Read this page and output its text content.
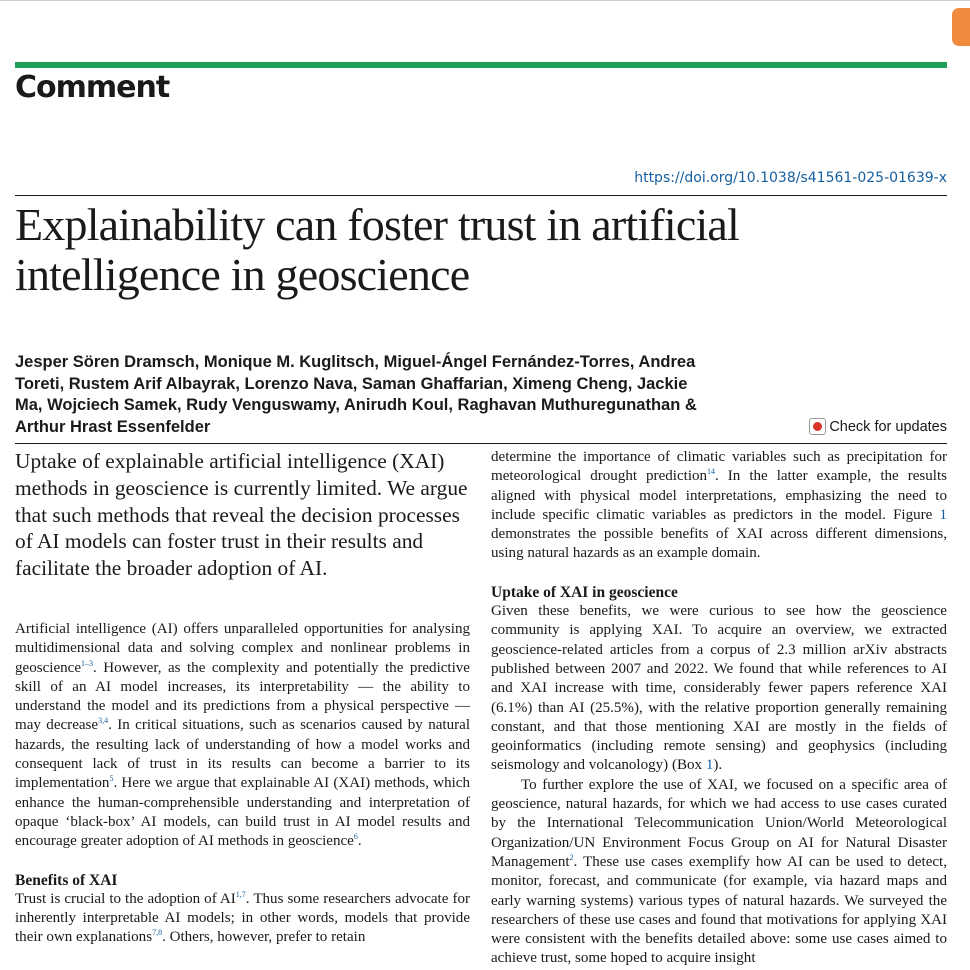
Comment
https://doi.org/10.1038/s41561-025-01639-x
Explainability can foster trust in artificial intelligence in geoscience

Jesper Sören Dramsch, Monique M. Kuglitsch, Miguel-Ángel Fernández-Torres, Andrea Toreti, Rustem Arif Albayrak, Lorenzo Nava, Saman Ghaffarian, Ximeng Cheng, Jackie Ma, Wojciech Samek, Rudy Venguswamy, Anirudh Koul, Raghavan Muthuregunathan & Arthur Hrast Essenfelder	Check for updates

Uptake of explainable artificial intelligence (XAI) methods in geoscience is currently limited. We argue that such methods that reveal the decision processes of AI models can foster trust in their results and facilitate the broader adoption of AI.

Artificial intelligence (AI) offers unparalleled opportunities for analysing multidimensional data and solving complex and nonlinear problems in geoscience$^{1-3}$. However, as the complexity and potentially the predictive skill of an AI model increases, its interpretability — the ability to understand the model and its predictions from a physical perspective — may decrease$^{3,4}$. In critical situations, such as scenarios caused by natural hazards, the resulting lack of understanding of how a model works and consequent lack of trust in its results can become a barrier to its implementation$^5$. Here we argue that explainable AI (XAI) methods, which enhance the human-comprehensible understanding and interpretation of opaque ‘black-box’ AI models, can build trust in AI model results and encourage greater adoption of AI methods in geoscience$^6$.

Benefits of XAI

Trust is crucial to the adoption of AI$^{1,7}$. Thus some researchers advocate for inherently interpretable AI models; in other words, models that provide their own explanations$^{7,8}$. Others, however, prefer to retain

determine the importance of climatic variables such as precipitation for meteorological drought prediction$^{14}$. In the latter example, the results aligned with physical model interpretations, emphasizing the need to include specific climatic variables as predictors in the model. Figure 1 demonstrates the possible benefits of XAI across different dimensions, using natural hazards as an example domain.

Uptake of XAI in geoscience

Given these benefits, we were curious to see how the geoscience community is applying XAI. To acquire an overview, we extracted geoscience-related articles from a corpus of 2.3 million arXiv abstracts published between 2007 and 2022. We found that while references to AI and XAI increase with time, considerably fewer papers reference XAI (6.1%) than AI (25.5%), with the relative proportion generally remaining constant, and that those mentioning XAI are mostly in the fields of geoinformatics (including remote sensing) and geophysics (including seismology and volcanology) (Box 1).

To further explore the use of XAI, we focused on a specific area of geoscience, natural hazards, for which we had access to use cases curated by the International Telecommunication Union/World Meteorological Organization/UN Environment Focus Group on AI for Natural Disaster Management$^2$. These use cases exemplify how AI can be used to detect, monitor, forecast, and communicate (for example, via hazard maps and early warning systems) various types of natural hazards. We surveyed the researchers of these use cases and found that motivations for applying XAI were consistent with the benefits detailed above: some use cases aimed to achieve trust, some hoped to acquire insight
